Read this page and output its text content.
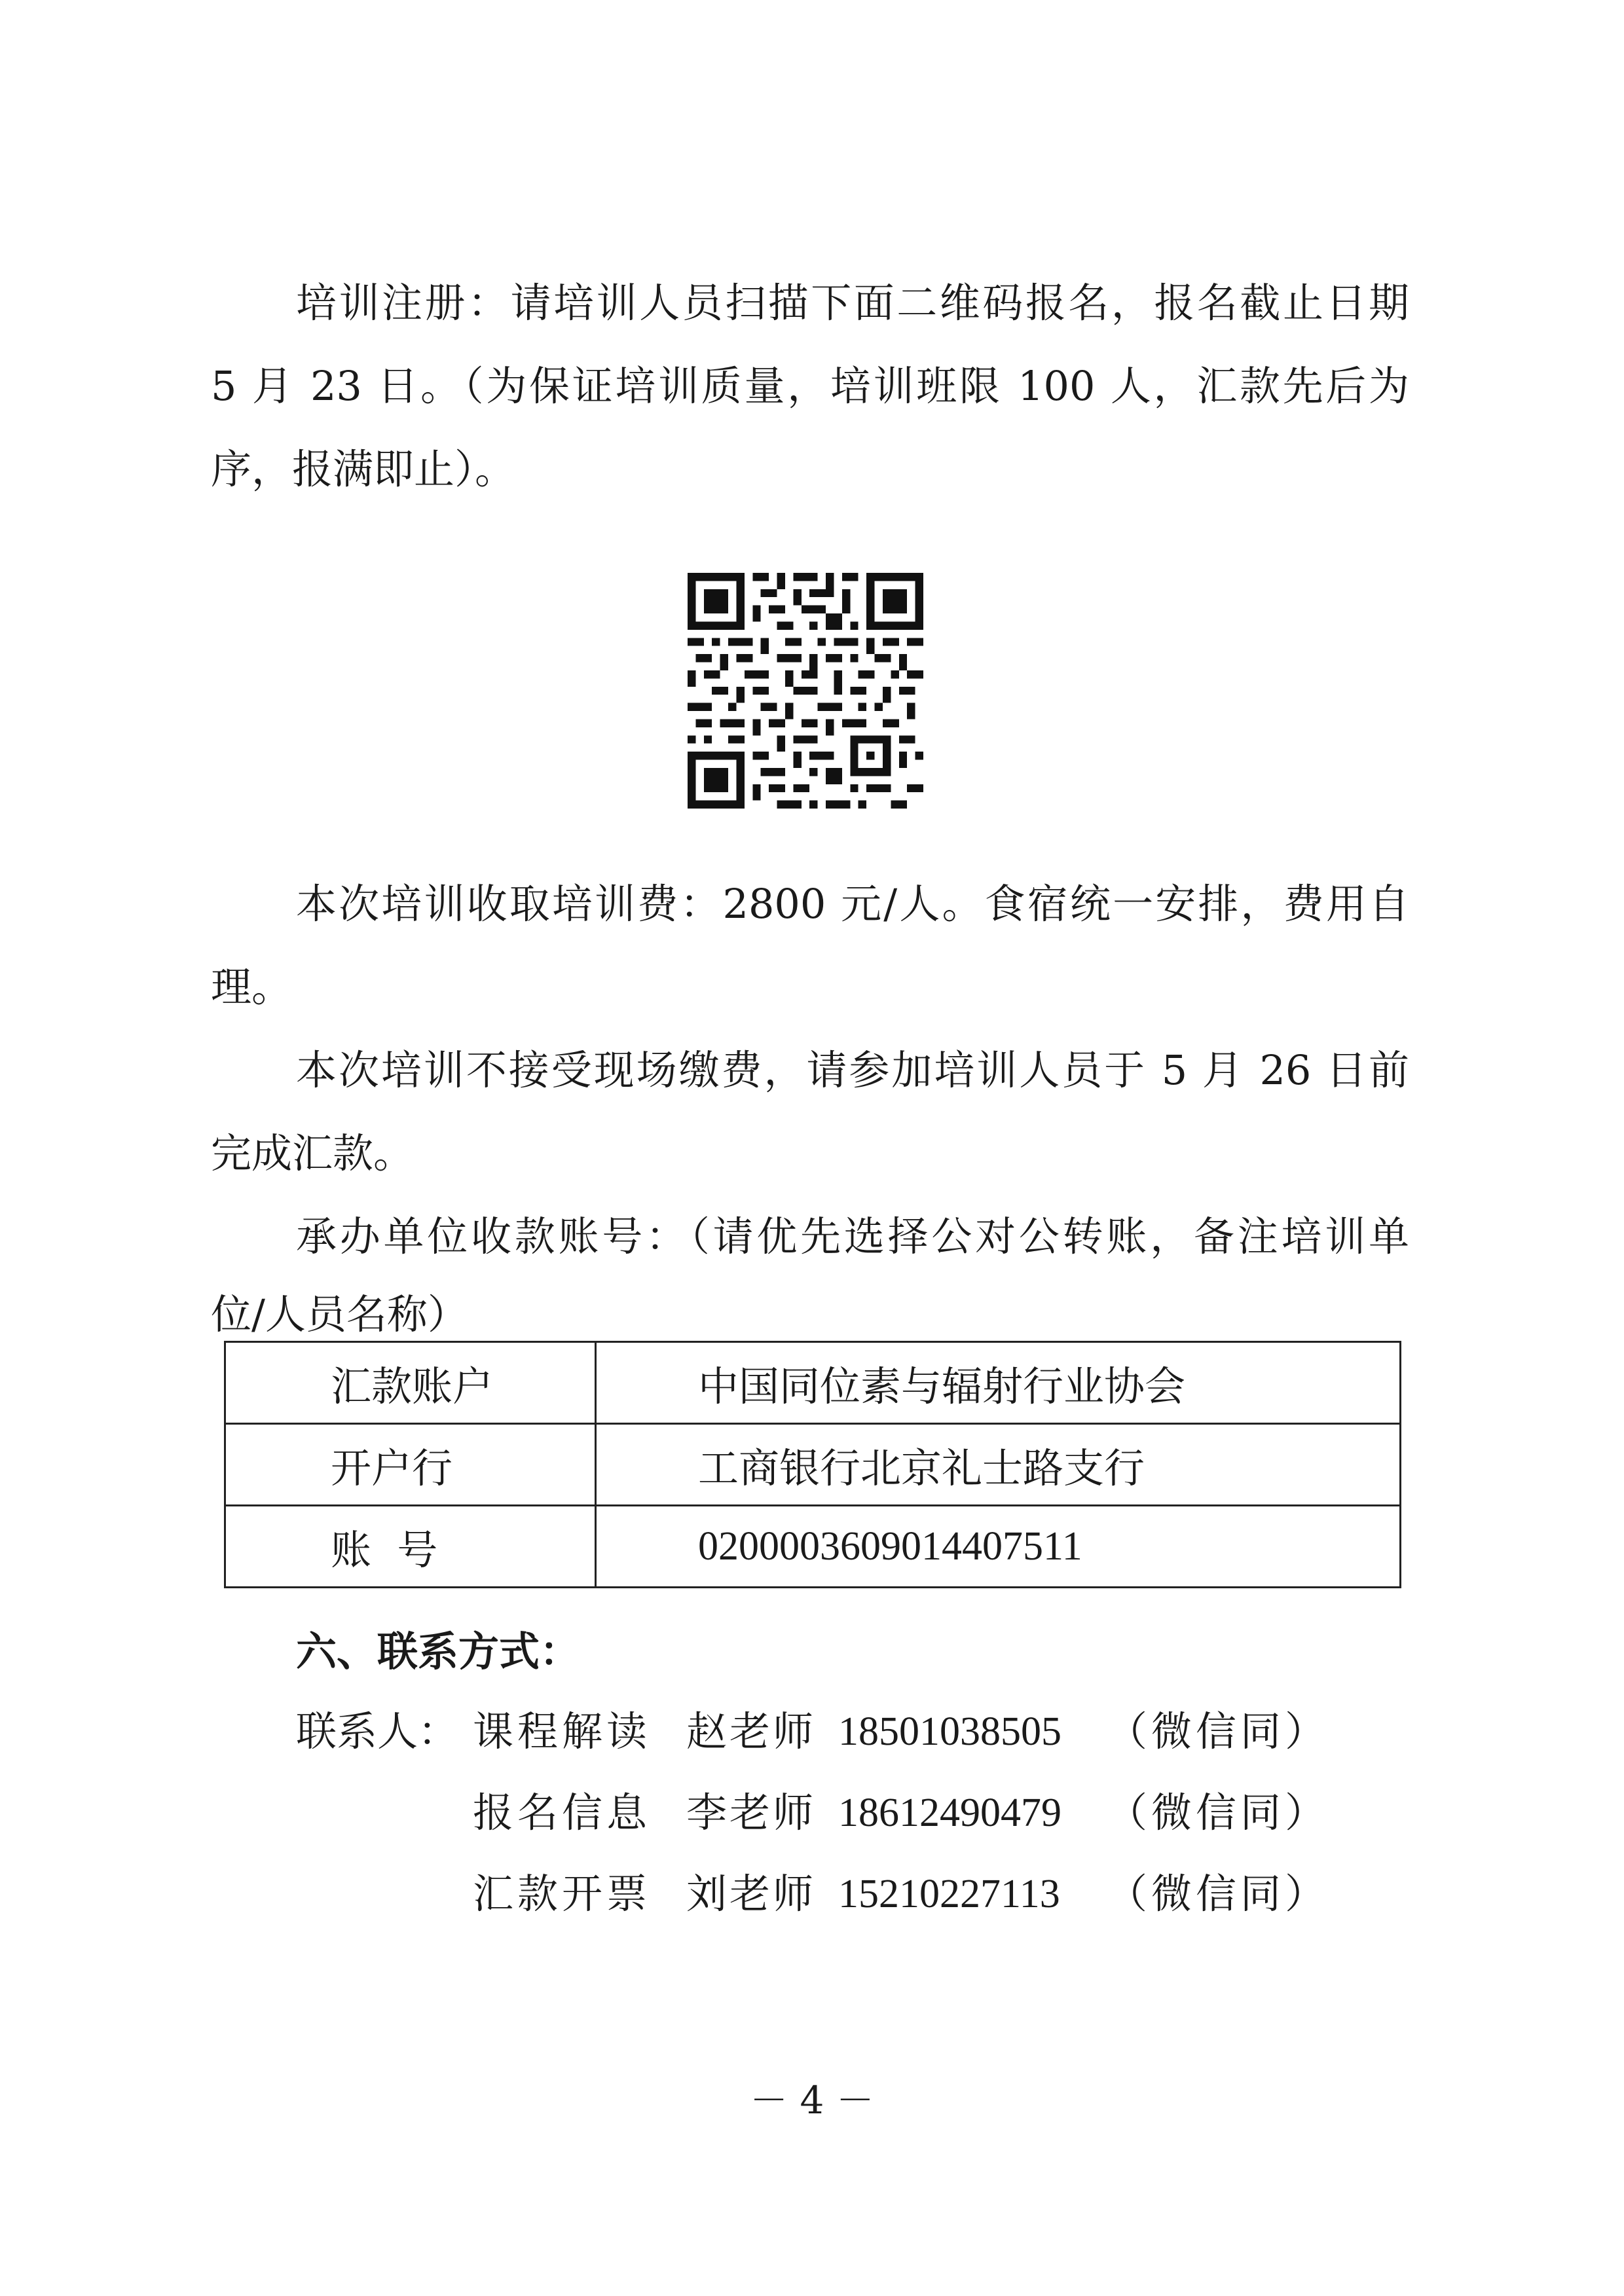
培训注册：请培训人员扫描下面二维码报名，报名截止日期
5 月 23 日。（为保证培训质量，培训班限 100 人，汇款先后为
序，报满即止）。
本次培训收取培训费：2800 元/人。食宿统一安排，费用自
理。
本次培训不接受现场缴费，请参加培训人员于 5 月 26 日前
完成汇款。
承办单位收款账号：（请优先选择公对公转账，备注培训单
位/人员名称）
汇款账户	中国同位素与辐射行业协会
开户行	工商银行北京礼士路支行
账  号	0200003609014407511
六、联系方式：
联系人： 课程解读 赵老师 18501038505 （微信同）
报名信息 李老师 18612490479 （微信同）
汇款开票 刘老师 15210227113 （微信同）
－ 4 －
